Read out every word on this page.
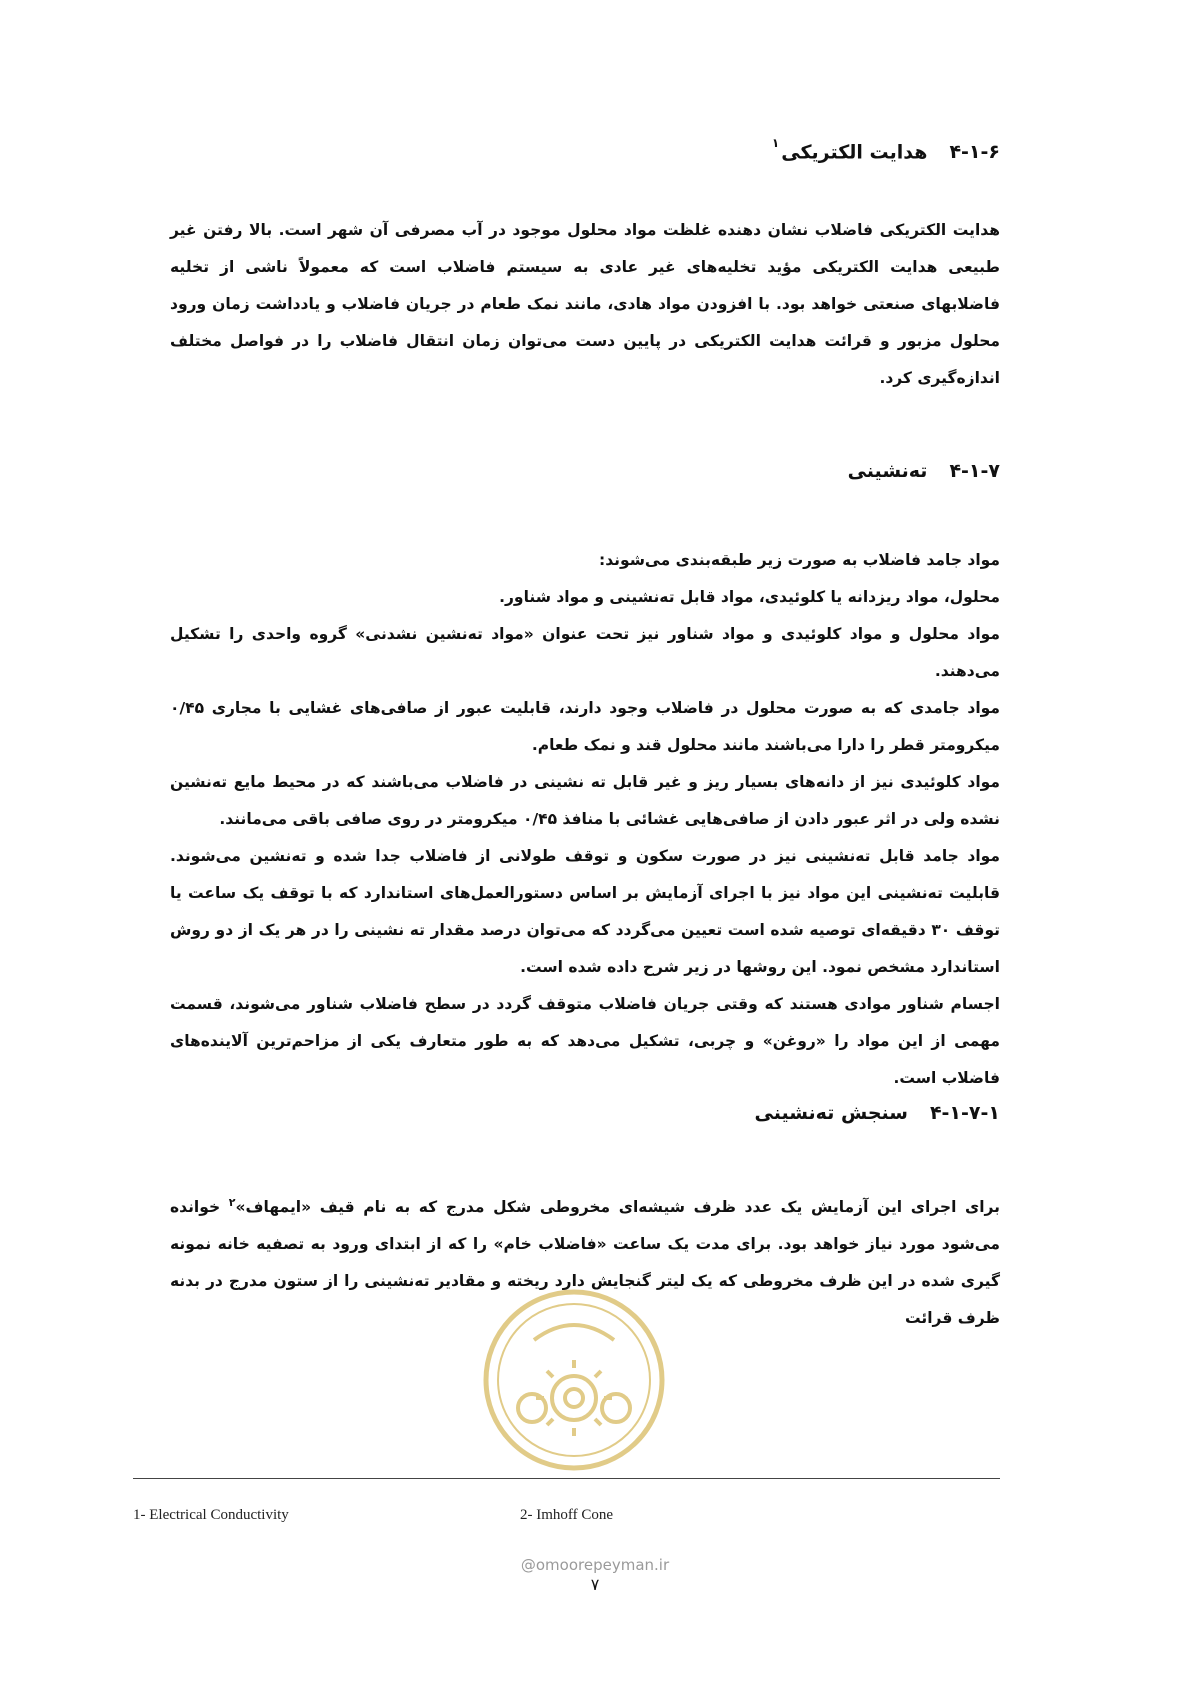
۴-۱-۶هدایت الکتریکی$^۱$

هدایت الکتریکی فاضلاب نشان دهنده غلظت مواد محلول موجود در آب مصرفی آن شهر است. بالا رفتن غیر طبیعی هدایت الکتریکی مؤید تخلیه‌های غیر عادی به سیستم فاضلاب است که معمولاً ناشی از تخلیه فاضلابهای صنعتی خواهد بود. با افزودن مواد هادی، مانند نمک طعام در جریان فاضلاب و یادداشت زمان ورود محلول مزبور و قرائت هدایت الکتریکی در پایین دست می‌توان زمان انتقال فاضلاب را در فواصل مختلف اندازه‌گیری کرد.

۴-۱-۷ته‌نشینی

مواد جامد فاضلاب به صورت زیر طبقه‌بندی می‌شوند:

محلول، مواد ریزدانه یا کلوئیدی، مواد قابل ته‌نشینی و مواد شناور.

مواد محلول و مواد کلوئیدی و مواد شناور نیز تحت عنوان «مواد ته‌نشین نشدنی» گروه واحدی را تشکیل می‌دهند.

مواد جامدی که به صورت محلول در فاضلاب وجود دارند، قابلیت عبور از صافی‌های غشایی با مجاری ۰/۴۵ میکرومتر قطر را دارا می‌باشند مانند محلول قند و نمک طعام.

مواد کلوئیدی نیز از دانه‌های بسیار ریز و غیر قابل ته نشینی در فاضلاب می‌باشند که در محیط مایع ته‌نشین نشده ولی در اثر عبور دادن از صافی‌هایی غشائی با منافذ ۰/۴۵ میکرومتر در روی صافی باقی می‌مانند.

مواد جامد قابل ته‌نشینی نیز در صورت سکون و توقف طولانی از فاضلاب جدا شده و ته‌نشین می‌شوند. قابلیت ته‌نشینی این مواد نیز با اجرای آزمایش بر اساس دستورالعمل‌های استاندارد که با توقف یک ساعت یا توقف ۳۰ دقیقه‌ای توصیه شده است تعیین می‌گردد که می‌توان درصد مقدار ته نشینی را در هر یک از دو روش استاندارد مشخص نمود. این روشها در زیر شرح داده شده است.

اجسام شناور موادی هستند که وقتی جریان فاضلاب متوقف گردد در سطح فاضلاب شناور می‌شوند، قسمت مهمی از این مواد را «روغن» و چربی، تشکیل می‌دهد که به طور متعارف یکی از مزاحم‌ترین آلاینده‌های فاضلاب است.

۴-۱-۷-۱سنجش ته‌نشینی

برای اجرای این آزمایش یک عدد ظرف شیشه‌ای مخروطی شکل مدرج که به نام قیف «ایمهاف»$^۲$ خوانده می‌شود مورد نیاز خواهد بود. برای مدت یک ساعت «فاضلاب خام» را که از ابتدای ورود به تصفیه خانه نمونه گیری شده در این ظرف مخروطی که یک لیتر گنجایش دارد ریخته و مقادیر ته‌نشینی را از ستون مدرج در بدنه ظرف قرائت

@omoorepeyman.ir
1- Electrical Conductivity	2- Imhoff Cone
۷
